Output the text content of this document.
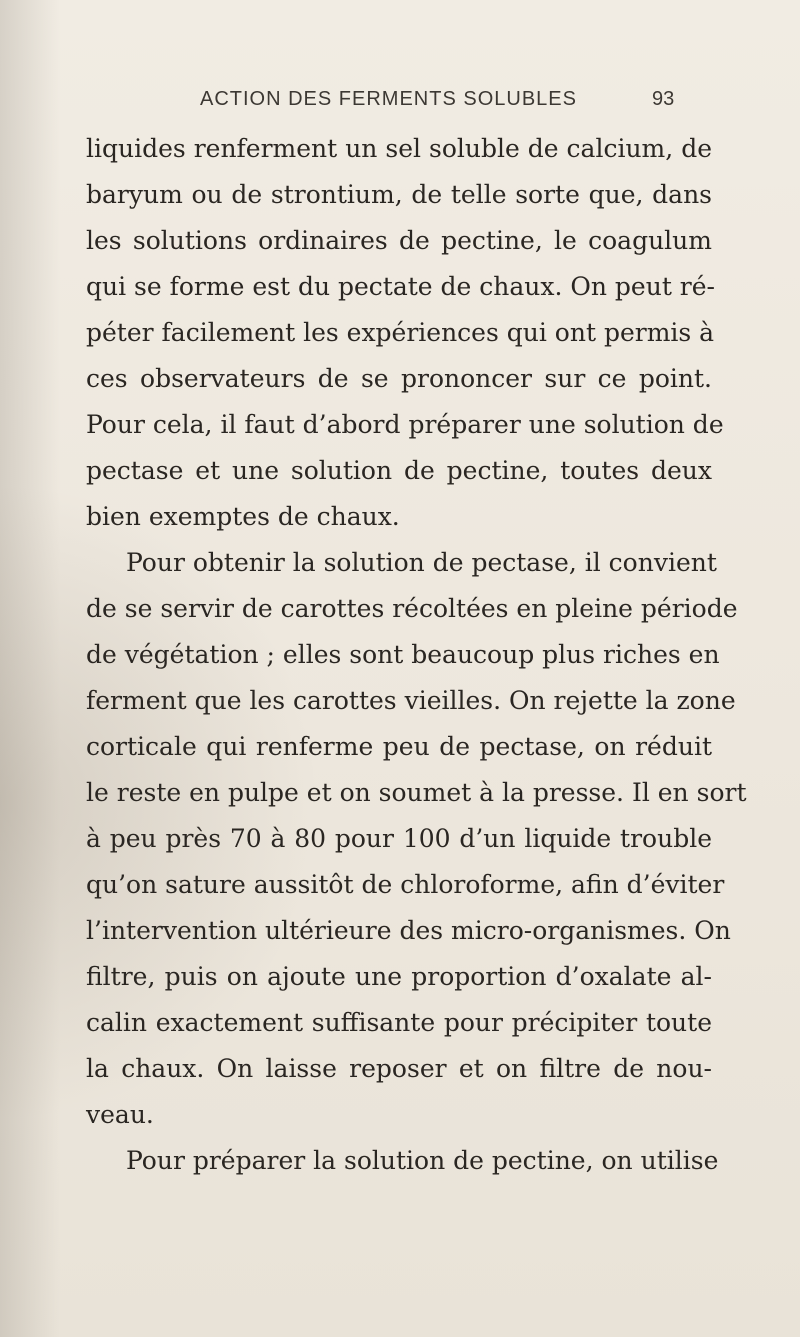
ACTION DES FERMENTS SOLUBLES	93
liquides renferment un sel soluble de calcium, de
baryum ou de strontium, de telle sorte que, dans
les solutions ordinaires de pectine, le coagulum
qui se forme est du pectate de chaux. On peut ré-
péter facilement les expériences qui ont permis à
ces observateurs de se prononcer sur ce point.
Pour cela, il faut d’abord préparer une solution de
pectase et une solution de pectine, toutes deux
bien exemptes de chaux.
Pour obtenir la solution de pectase, il convient
de se servir de carottes récoltées en pleine période
de végétation ; elles sont beaucoup plus riches en
ferment que les carottes vieilles. On rejette la zone
corticale qui renferme peu de pectase, on réduit
le reste en pulpe et on soumet à la presse. Il en sort
à peu près 70 à 80 pour 100 d’un liquide trouble
qu’on sature aussitôt de chloroforme, afin d’éviter
l’intervention ultérieure des micro-organismes. On
filtre, puis on ajoute une proportion d’oxalate al-
calin exactement suffisante pour précipiter toute
la chaux. On laisse reposer et on filtre de nou-
veau.
Pour préparer la solution de pectine, on utilise
